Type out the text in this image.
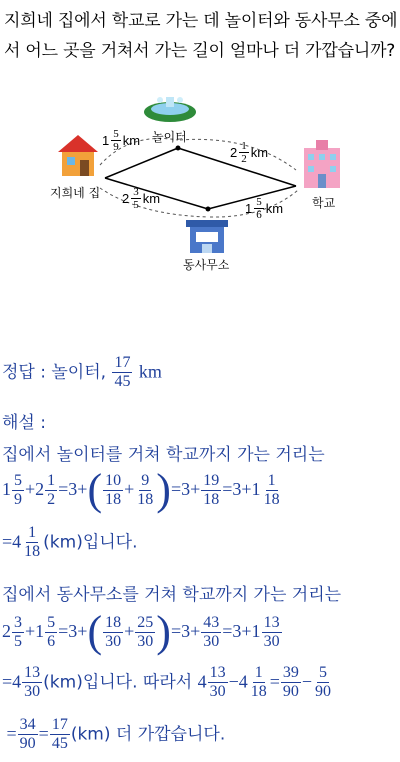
지희네 집에서 학교로 가는 데 놀이터와 동사무소 중에서 어느 곳을 거쳐서 가는 길이 얼마나 더 가깝습니까?
놀이터
지희네 집
학교
동사무소
$1 \frac{5}{9}$ km
$2 \frac{1}{2}$ km
$2 \frac{3}{5}$ km
$1 \frac{5}{6}$ km
정답 : 놀이터, $\frac{17}{45}$ km
해설 :
집에서 놀이터를 거쳐 학교까지 가는 거리는
$1 \frac{5}{9} +2 \frac{1}{2} =3+( \frac{10}{18} + \frac{9}{18} )=3+ \frac{19}{18} =3+1 \frac{1}{18}$
$=4 \frac{1}{18} (km)$입니다.
집에서 동사무소를 거쳐 학교까지 가는 거리는
$2 \frac{3}{5} +1 \frac{5}{6} =3+( \frac{18}{30} + \frac{25}{30} )=3+ \frac{43}{30} =3+1 \frac{13}{30}$
$=4 \frac{13}{30} (km)$입니다. 따라서 $4 \frac{13}{30} -4 \frac{1}{18} = \frac{39}{90} - \frac{5}{90}$
= $\frac{34}{90} = \frac{17}{45} (km)$ 더 가깝습니다.
